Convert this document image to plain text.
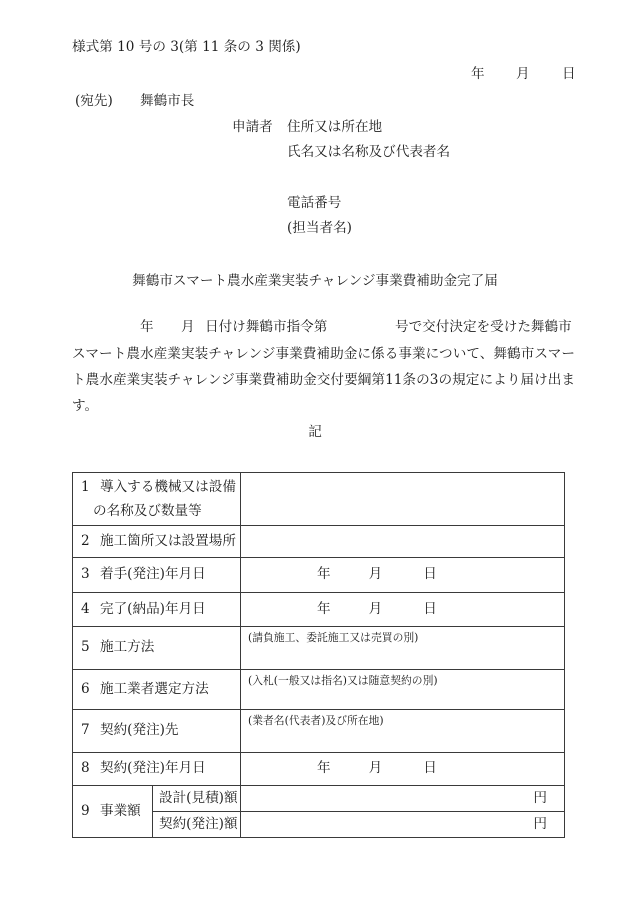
様式第 10 号の 3(第 11 条の 3 関係)
年 月 日
(宛先) 舞鶴市長
申請者 住所又は所在地
氏名又は名称及び代表者名
電話番号
(担当者名)
舞鶴市スマート農水産業実装チャレンジ事業費補助金完了届
年 月 日付け舞鶴市指令第	号で交付決定を受けた舞鶴市
スマート農水産業実装チャレンジ事業費補助金に係る事業について、舞鶴市スマー
ト農水産業実装チャレンジ事業費補助金交付要綱第11条の3の規定により届け出ま
す。
記
1 導入する機械又は設備
の名称及び数量等		

2 施工箇所又は設置場所		
3 着手(発注)年月日		年 月 日

4 完了(納品)年月日		年 月 日

5 施工方法		(請負施工、委託施工又は売買の別)

6 施工業者選定方法		(入札(一般又は指名)又は随意契約の別)

7 契約(発注)先		(業者名(代表者)及び所在地)

8 契約(発注)年月日		年 月 日

9 事業額	設計(見積)額	円
	契約(発注)額	円
